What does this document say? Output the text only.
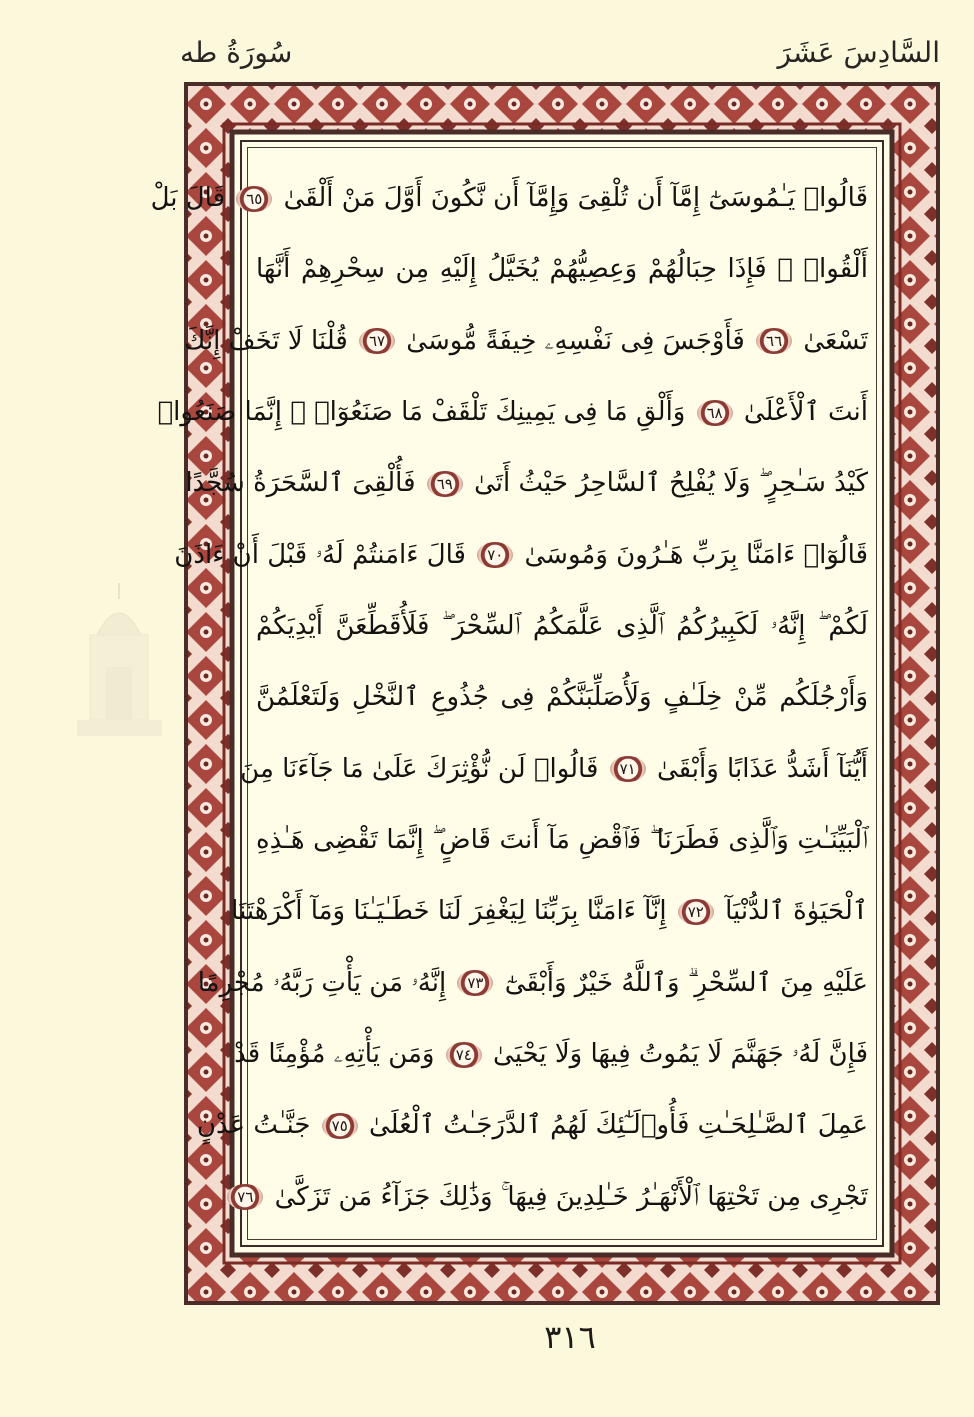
السَّادِسَ عَشَرَ
سُورَةُ طه
قَالُوا۟ يَـٰمُوسَىٰٓ إِمَّآ أَن تُلْقِىَ وَإِمَّآ أَن نَّكُونَ أَوَّلَ مَنْ أَلْقَىٰ ٦٥ قَالَ بَلْ
أَلْقُوا۟ ۖ فَإِذَا حِبَالُهُمْ وَعِصِيُّهُمْ يُخَيَّلُ إِلَيْهِ مِن سِحْرِهِمْ أَنَّهَا
تَسْعَىٰ ٦٦ فَأَوْجَسَ فِى نَفْسِهِۦ خِيفَةً مُّوسَىٰ ٦٧ قُلْنَا لَا تَخَفْ إِنَّكَ
أَنتَ ٱلْأَعْلَىٰ ٦٨ وَأَلْقِ مَا فِى يَمِينِكَ تَلْقَفْ مَا صَنَعُوٓا۟ ۖ إِنَّمَا صَنَعُوا۟
كَيْدُ سَـٰحِرٍ ۖ وَلَا يُفْلِحُ ٱلسَّاحِرُ حَيْثُ أَتَىٰ ٦٩ فَأُلْقِىَ ٱلسَّحَرَةُ سُجَّدًا
قَالُوٓا۟ ءَامَنَّا بِرَبِّ هَـٰرُونَ وَمُوسَىٰ ٧٠ قَالَ ءَامَنتُمْ لَهُۥ قَبْلَ أَنْ ءَاذَنَ
لَكُمْ ۖ إِنَّهُۥ لَكَبِيرُكُمُ ٱلَّذِى عَلَّمَكُمُ ٱلسِّحْرَ ۖ فَلَأُقَطِّعَنَّ أَيْدِيَكُمْ
وَأَرْجُلَكُم مِّنْ خِلَـٰفٍ وَلَأُصَلِّبَنَّكُمْ فِى جُذُوعِ ٱلنَّخْلِ وَلَتَعْلَمُنَّ
أَيُّنَآ أَشَدُّ عَذَابًا وَأَبْقَىٰ ٧١ قَالُوا۟ لَن نُّؤْثِرَكَ عَلَىٰ مَا جَآءَنَا مِنَ
ٱلْبَيِّنَـٰتِ وَٱلَّذِى فَطَرَنَا ۖ فَٱقْضِ مَآ أَنتَ قَاضٍ ۖ إِنَّمَا تَقْضِى هَـٰذِهِ
ٱلْحَيَوٰةَ ٱلدُّنْيَآ ٧٢ إِنَّآ ءَامَنَّا بِرَبِّنَا لِيَغْفِرَ لَنَا خَطَـٰيَـٰنَا وَمَآ أَكْرَهْتَنَا
عَلَيْهِ مِنَ ٱلسِّحْرِ ۗ وَٱللَّهُ خَيْرٌ وَأَبْقَىٰٓ ٧٣ إِنَّهُۥ مَن يَأْتِ رَبَّهُۥ مُجْرِمًا
فَإِنَّ لَهُۥ جَهَنَّمَ لَا يَمُوتُ فِيهَا وَلَا يَحْيَىٰ ٧٤ وَمَن يَأْتِهِۦ مُؤْمِنًا قَدْ
عَمِلَ ٱلصَّـٰلِحَـٰتِ فَأُو۟لَـٰٓئِكَ لَهُمُ ٱلدَّرَجَـٰتُ ٱلْعُلَىٰ ٧٥ جَنَّـٰتُ عَدْنٍ
تَجْرِى مِن تَحْتِهَا ٱلْأَنْهَـٰرُ خَـٰلِدِينَ فِيهَا ۚ وَذَٰلِكَ جَزَآءُ مَن تَزَكَّىٰ ٧٦
٣١٦
